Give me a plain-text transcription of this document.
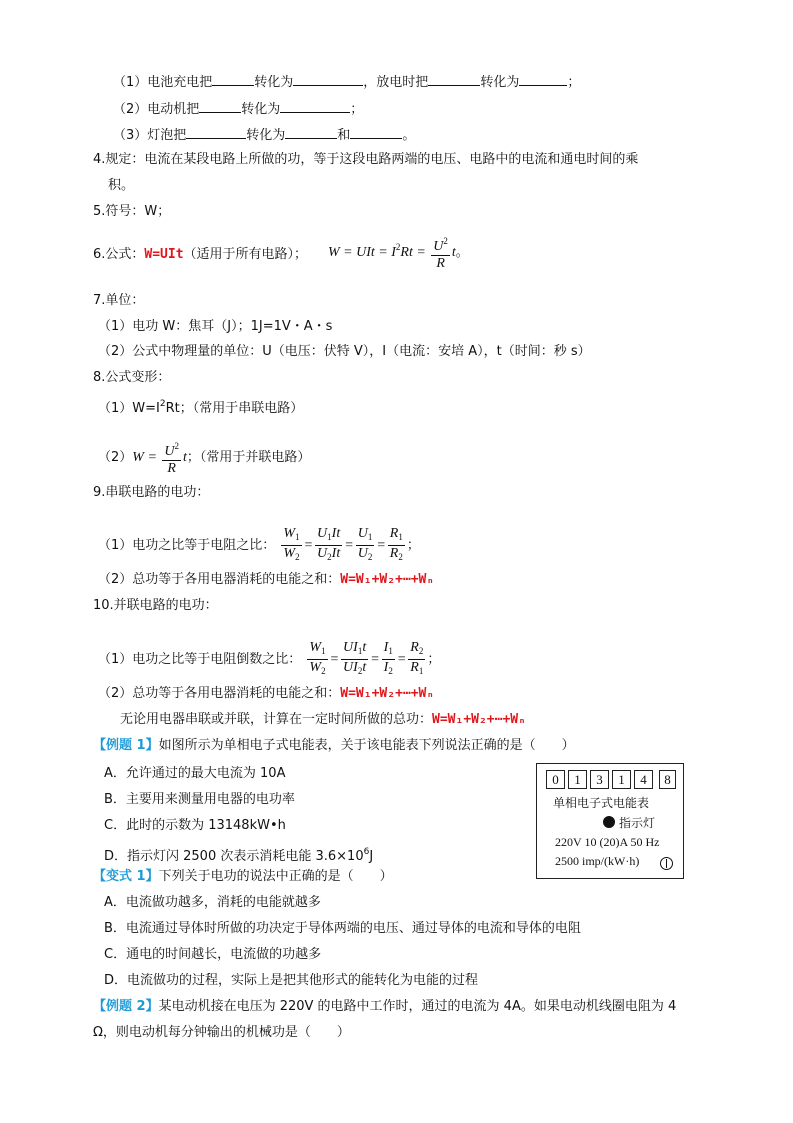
（1）电池充电把	转化为	，放电时把	转化为	；
（2）电动机把	转化为	；
（3）灯泡把	转化为	和	。
4.规定：电流在某段电路上所做的功，等于这段电路两端的电压、电路中的电流和通电时间的乘
积。
5.符号：W；
6.公式：W=UIt（适用于所有电路）； W = UIt = $I^2Rt = \frac{U^2}{R}$ t。
7.单位：
（1）电功 W：焦耳（J）；1J=1V・A・s
（2）公式中物理量的单位：U（电压：伏特 V），I（电流：安培 A），t（时间：秒 s）
8.公式变形：
$(1)W=I^2Rt$；（常用于串联电路）
$(2)W = \frac{U^2}{R}$ t；（常用于并联电路）
9.串联电路的电功：
（1）电功之比等于电阻之比： $\frac{W_1}{W_2} = \frac{U_1It}{U_2It} = \frac{U_1}{U_2} = \frac{R_1}{R_2}$ ；
（2）总功等于各用电器消耗的电能之和：W=W₁+W₂+⋯+Wₙ
10.并联电路的电功：
（1）电功之比等于电阻倒数之比： $\frac{W_1}{W_2} = \frac{UI_1t}{UI_2t} = \frac{I_1}{I_2} = \frac{R_2}{R_1}$ ；
（2）总功等于各用电器消耗的电能之和：W=W₁+W₂+⋯+Wₙ
无论用电器串联或并联，计算在一定时间所做的总功：W=W₁+W₂+⋯+Wₙ
【例题 1】如图所示为单相电子式电能表，关于该电能表下列说法正确的是（　　）
A．允许通过的最大电流为 10A
B．主要用来测量用电器的电功率
C．此时的示数为 13148kW•h
D．指示灯闪 2500 次表示消耗电能 $3.6\times 10^6J$
0	1	3	1	4	8
单相电子式电能表
指示灯
220V 10 (20)A 50 Hz
2500 imp/(kW·h)
【变式 1】下列关于电功的说法中正确的是（　　）
A．电流做功越多，消耗的电能就越多
B．电流通过导体时所做的功决定于导体两端的电压、通过导体的电流和导体的电阻
C．通电的时间越长，电流做的功越多
D．电流做功的过程，实际上是把其他形式的能转化为电能的过程
【例题 2】某电动机接在电压为 220V 的电路中工作时，通过的电流为 4A。如果电动机线圈电阻为 4
Ω，则电动机每分钟输出的机械功是（　　）
